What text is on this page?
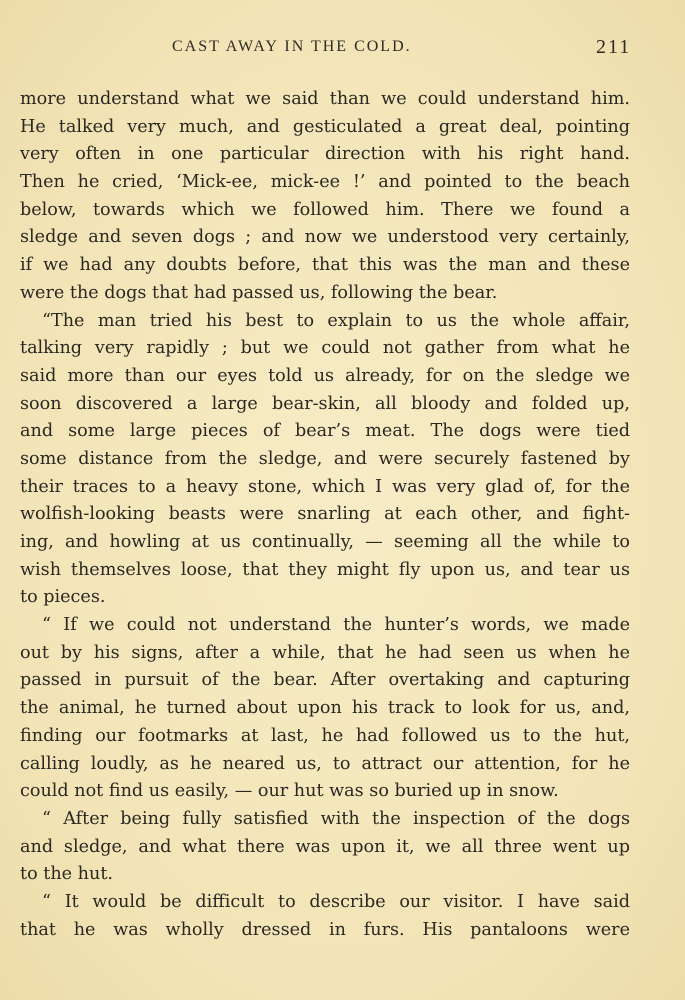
CAST AWAY IN THE COLD.	211
more understand what we said than we could understand him.
He talked very much, and gesticulated a great deal, pointing
very often in one particular direction with his right hand.
Then he cried, ‘Mick-ee, mick-ee !’ and pointed to the beach
below, towards which we followed him. There we found a
sledge and seven dogs ; and now we understood very certainly,
if we had any doubts before, that this was the man and these
were the dogs that had passed us, following the bear.
“The man tried his best to explain to us the whole affair,
talking very rapidly ; but we could not gather from what he
said more than our eyes told us already, for on the sledge we
soon discovered a large bear-skin, all bloody and folded up,
and some large pieces of bear’s meat. The dogs were tied
some distance from the sledge, and were securely fastened by
their traces to a heavy stone, which I was very glad of, for the
wolfish-looking beasts were snarling at each other, and fight-
ing, and howling at us continually, — seeming all the while to
wish themselves loose, that they might fly upon us, and tear us
to pieces.
“ If we could not understand the hunter’s words, we made
out by his signs, after a while, that he had seen us when he
passed in pursuit of the bear. After overtaking and capturing
the animal, he turned about upon his track to look for us, and,
finding our footmarks at last, he had followed us to the hut,
calling loudly, as he neared us, to attract our attention, for he
could not find us easily, — our hut was so buried up in snow.
“ After being fully satisfied with the inspection of the dogs
and sledge, and what there was upon it, we all three went up
to the hut.
“ It would be difficult to describe our visitor. I have said
that he was wholly dressed in furs. His pantaloons were
